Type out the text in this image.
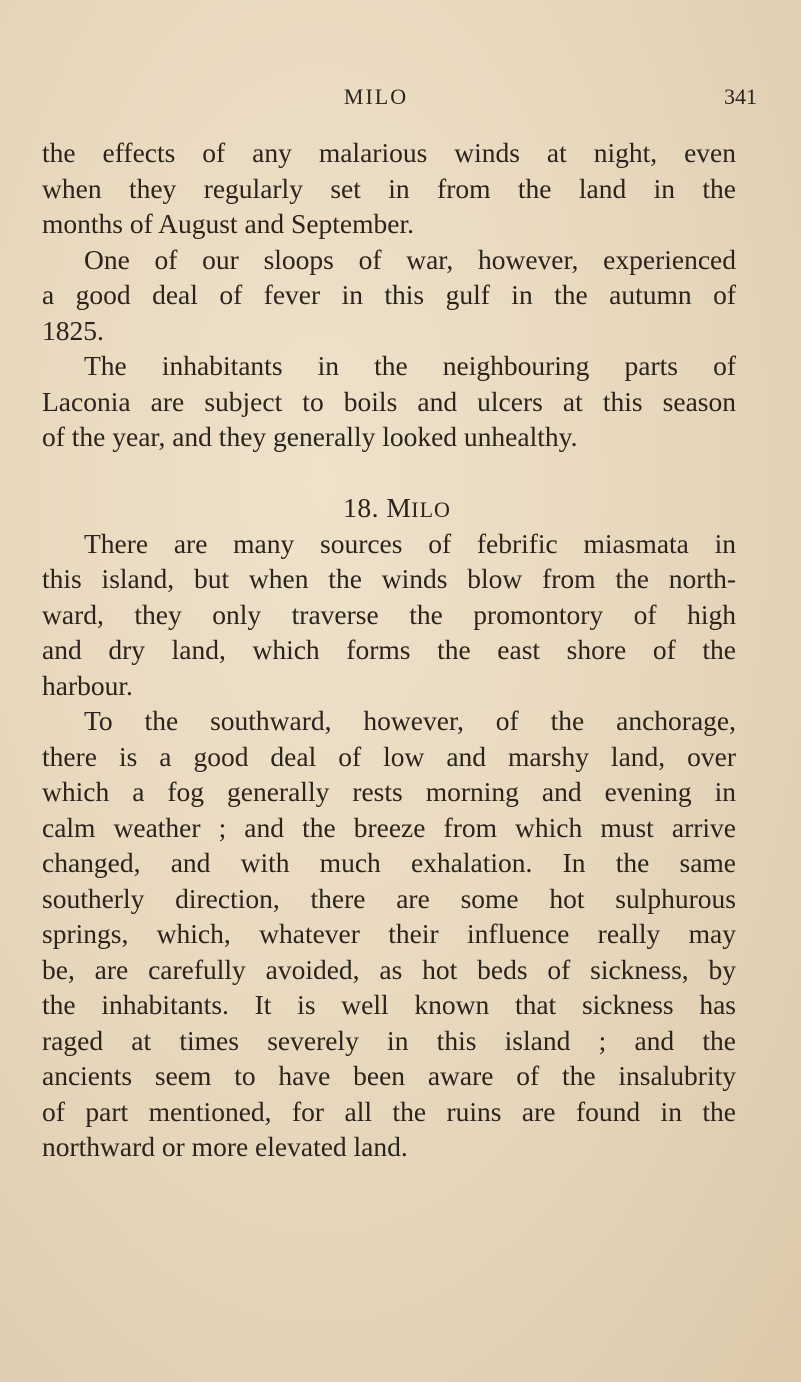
MILO	341
the effects of any malarious winds at night, even
when they regularly set in from the land in the
months of August and September.
One of our sloops of war, however, experienced
a good deal of fever in this gulf in the autumn of
1825.
The inhabitants in the neighbouring parts of
Laconia are subject to boils and ulcers at this season
of the year, and they generally looked unhealthy.
18. MILO
There are many sources of febrific miasmata in
this island, but when the winds blow from the north-
ward, they only traverse the promontory of high
and dry land, which forms the east shore of the
harbour.
To the southward, however, of the anchorage,
there is a good deal of low and marshy land, over
which a fog generally rests morning and evening in
calm weather ; and the breeze from which must arrive
changed, and with much exhalation. In the same
southerly direction, there are some hot sulphurous
springs, which, whatever their influence really may
be, are carefully avoided, as hot beds of sickness, by
the inhabitants. It is well known that sickness has
raged at times severely in this island ; and the
ancients seem to have been aware of the insalubrity
of part mentioned, for all the ruins are found in the
northward or more elevated land.
